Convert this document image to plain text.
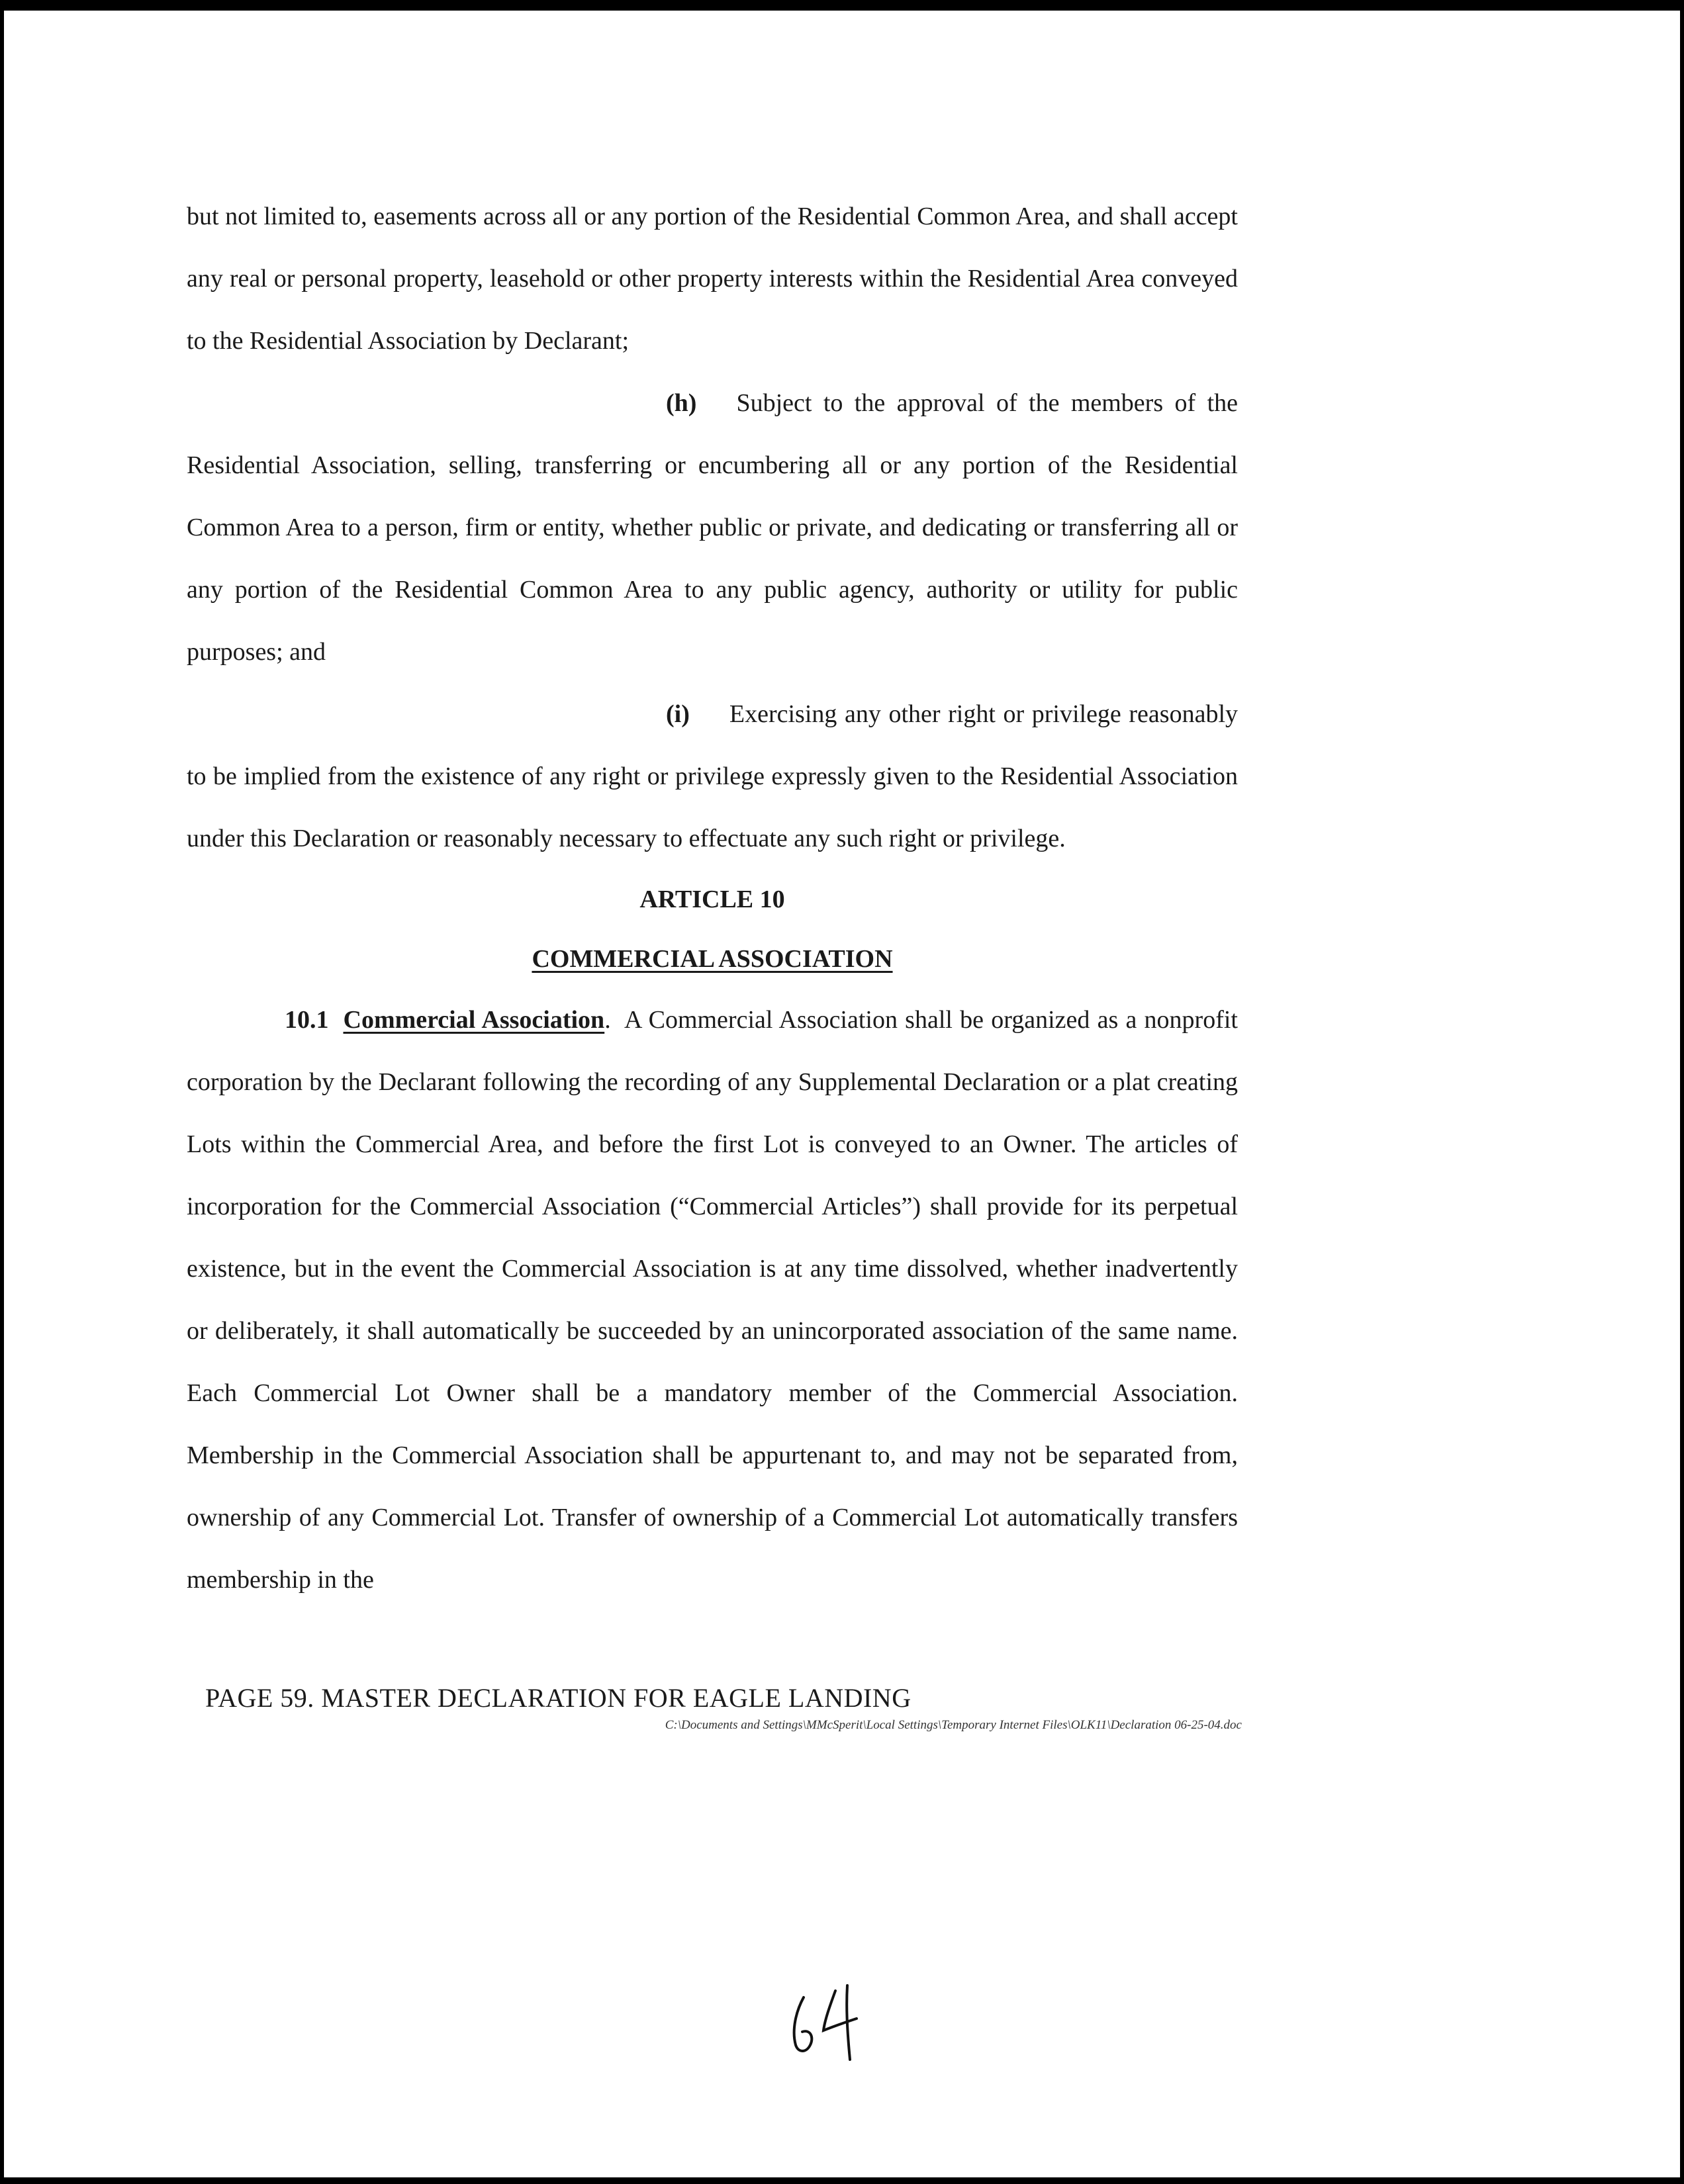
but not limited to, easements across all or any portion of the Residential Common Area, and shall accept any real or personal property, leasehold or other property interests within the Residential Area conveyed to the Residential Association by Declarant;

(h) Subject to the approval of the members of the Residential Association, selling, transferring or encumbering all or any portion of the Residential Common Area to a person, firm or entity, whether public or private, and dedicating or transferring all or any portion of the Residential Common Area to any public agency, authority or utility for public purposes; and

(i) Exercising any other right or privilege reasonably to be implied from the existence of any right or privilege expressly given to the Residential Association under this Declaration or reasonably necessary to effectuate any such right or privilege.

ARTICLE 10

COMMERCIAL ASSOCIATION

10.1 Commercial Association. A Commercial Association shall be organized as a nonprofit corporation by the Declarant following the recording of any Supplemental Declaration or a plat creating Lots within the Commercial Area, and before the first Lot is conveyed to an Owner. The articles of incorporation for the Commercial Association (“Commercial Articles”) shall provide for its perpetual existence, but in the event the Commercial Association is at any time dissolved, whether inadvertently or deliberately, it shall automatically be succeeded by an unincorporated association of the same name. Each Commercial Lot Owner shall be a mandatory member of the Commercial Association. Membership in the Commercial Association shall be appurtenant to, and may not be separated from, ownership of any Commercial Lot. Transfer of ownership of a Commercial Lot automatically transfers membership in the

PAGE 59. MASTER DECLARATION FOR EAGLE LANDING

C:\Documents and Settings\MMcSperit\Local Settings\Temporary Internet Files\OLK11\Declaration 06-25-04.doc
